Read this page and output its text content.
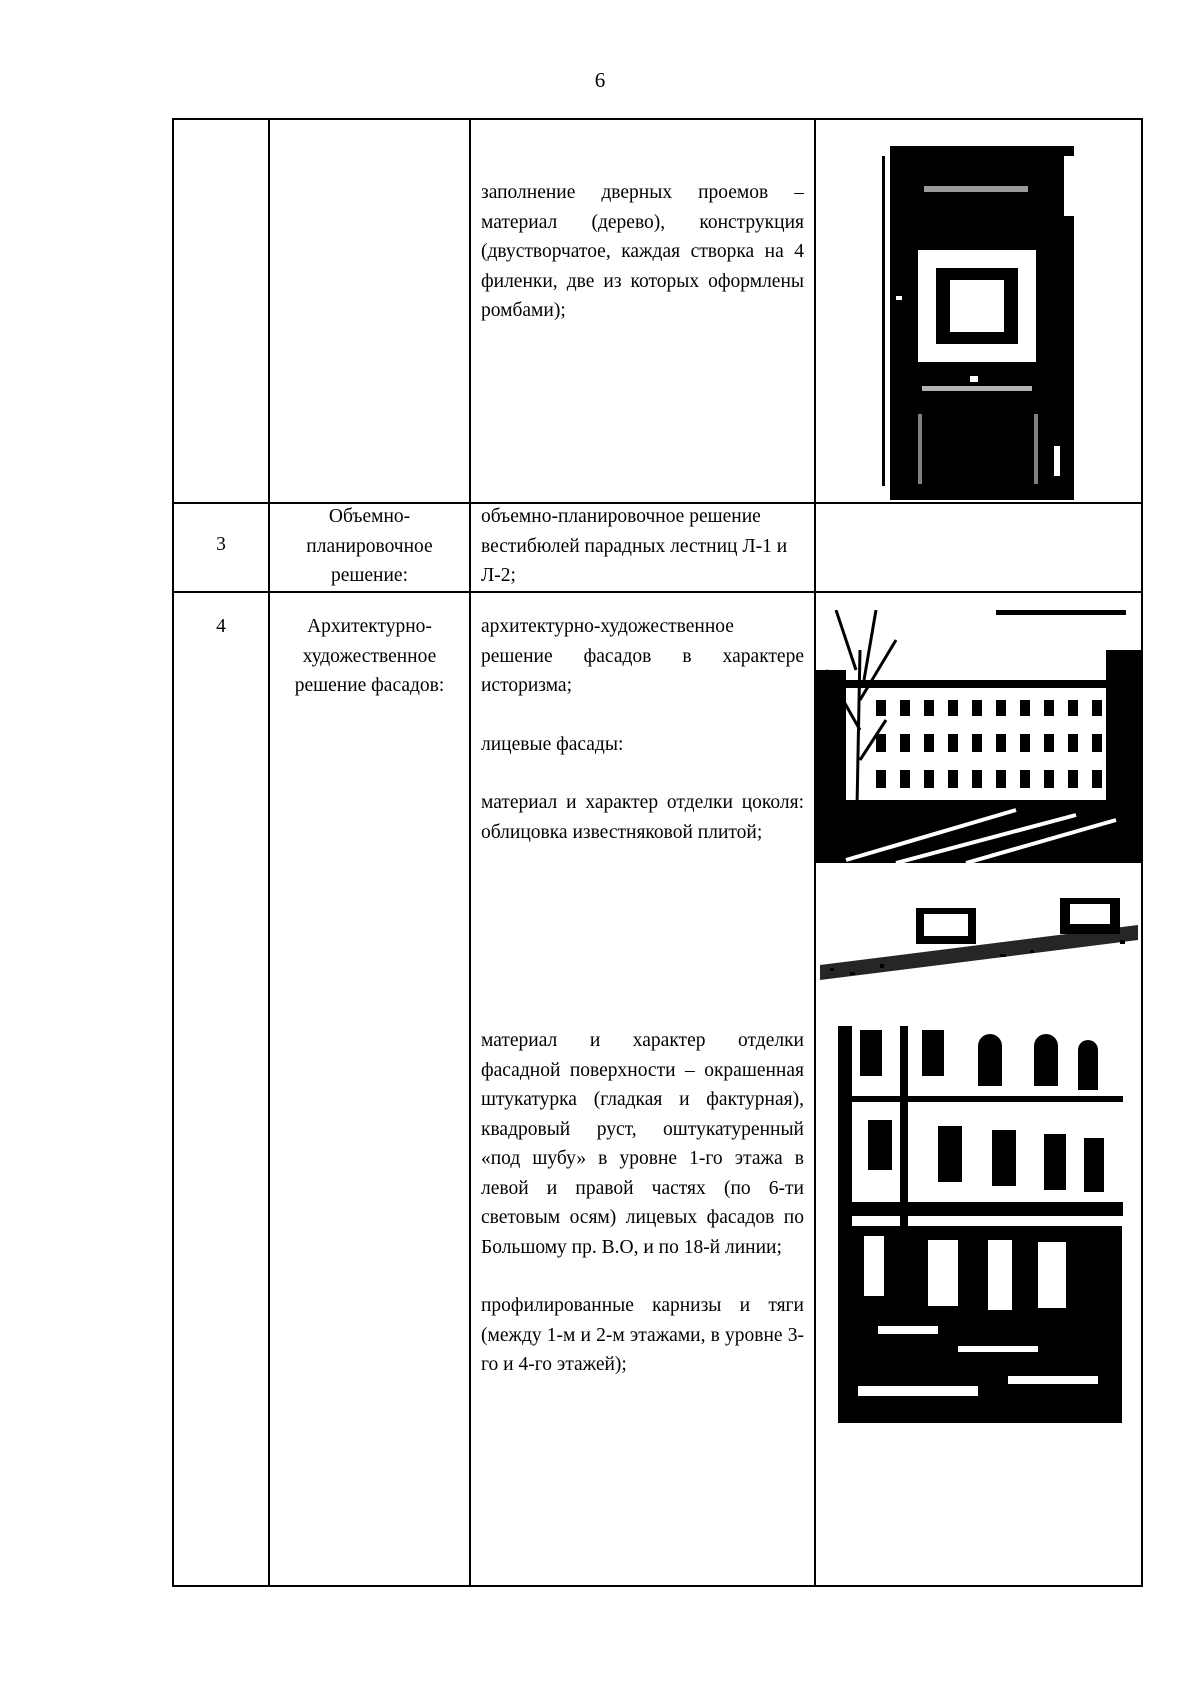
6

заполнение дверных проемов – материал (дерево), конструкция (двустворчатое, каждая створка на 4 филенки, две из которых оформлены ромбами);

3
Объемно-
планировочное
решение:

объемно-планировочное решение вестибюлей парадных лестниц Л-1 и Л-2;

4	Архитектурно-
художественное
решение фасадов:

архитектурно-художественное решение фасадов в характере историзма;

лицевые фасады:

материал и характер отделки цоколя: облицовка известняковой плитой;

материал и характер отделки фасадной поверхности – окрашенная штукатурка (гладкая и фактурная), квадровый руст, оштукатуренный «под шубу» в уровне 1-го этажа в левой и правой частях (по 6-ти световым осям) лицевых фасадов по Большому пр. В.О, и по 18-й линии;

профилированные карнизы и тяги (между 1-м и 2-м этажами, в уровне 3-го и 4-го этажей);
